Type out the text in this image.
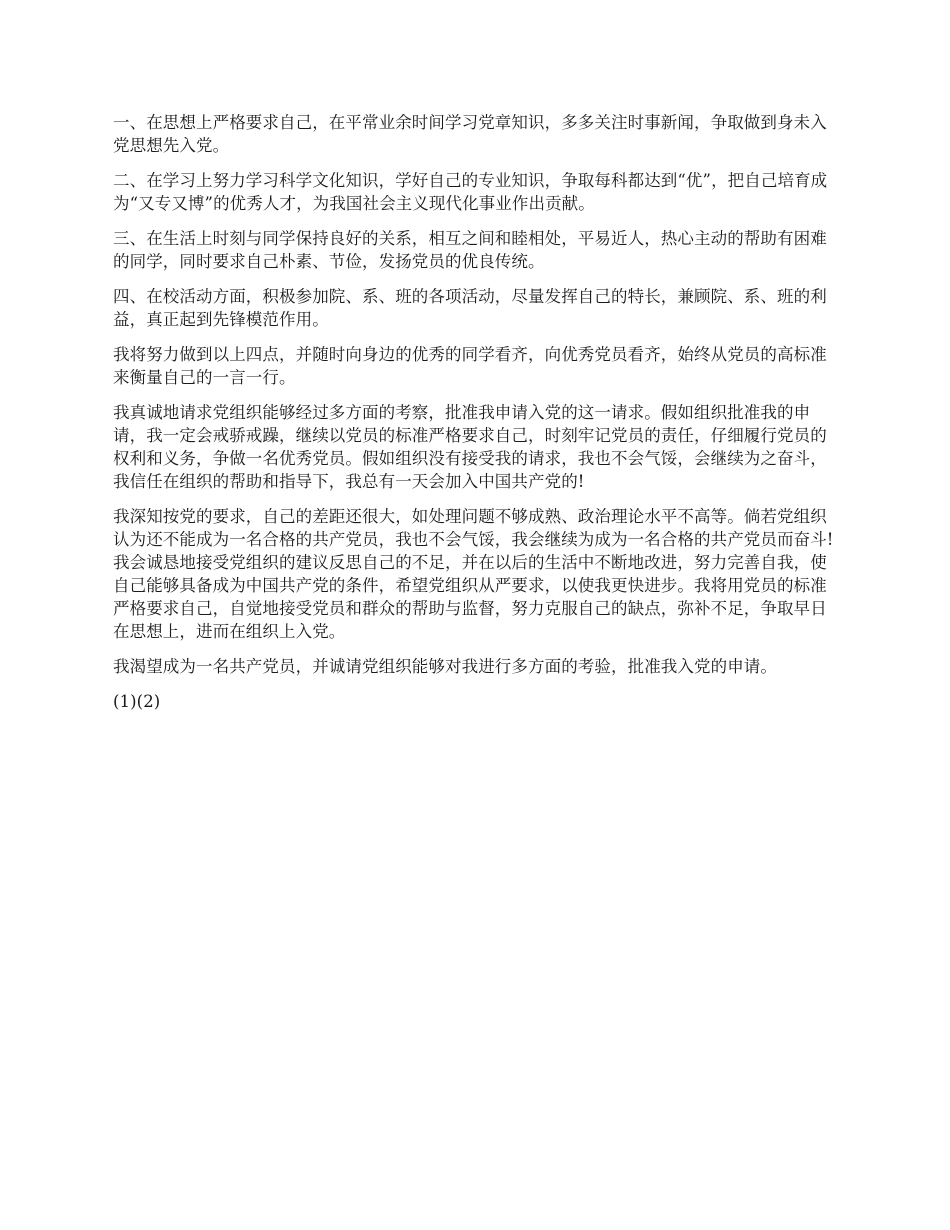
一、在思想上严格要求自己，在平常业余时间学习党章知识，多多关注时事新闻，争取做到身未入党思想先入党。

二、在学习上努力学习科学文化知识，学好自己的专业知识，争取每科都达到“优”，把自己培育成为“又专又博”的优秀人才，为我国社会主义现代化事业作出贡献。

三、在生活上时刻与同学保持良好的关系，相互之间和睦相处，平易近人，热心主动的帮助有困难的同学，同时要求自己朴素、节俭，发扬党员的优良传统。

四、在校活动方面，积极参加院、系、班的各项活动，尽量发挥自己的特长，兼顾院、系、班的利益，真正起到先锋模范作用。

我将努力做到以上四点，并随时向身边的优秀的同学看齐，向优秀党员看齐，始终从党员的高标准来衡量自己的一言一行。

我真诚地请求党组织能够经过多方面的考察，批准我申请入党的这一请求。假如组织批准我的申请，我一定会戒骄戒躁，继续以党员的标准严格要求自己，时刻牢记党员的责任，仔细履行党员的权利和义务，争做一名优秀党员。假如组织没有接受我的请求，我也不会气馁，会继续为之奋斗，我信任在组织的帮助和指导下，我总有一天会加入中国共产党的!

我深知按党的要求，自己的差距还很大，如处理问题不够成熟、政治理论水平不高等。倘若党组织认为还不能成为一名合格的共产党员，我也不会气馁，我会继续为成为一名合格的共产党员而奋斗!我会诚恳地接受党组织的建议反思自己的不足，并在以后的生活中不断地改进，努力完善自我，使自己能够具备成为中国共产党的条件，希望党组织从严要求，以使我更快进步。我将用党员的标准严格要求自己，自觉地接受党员和群众的帮助与监督，努力克服自己的缺点，弥补不足，争取早日在思想上，进而在组织上入党。

我渴望成为一名共产党员，并诚请党组织能够对我进行多方面的考验，批准我入党的申请。

(1)(2)
